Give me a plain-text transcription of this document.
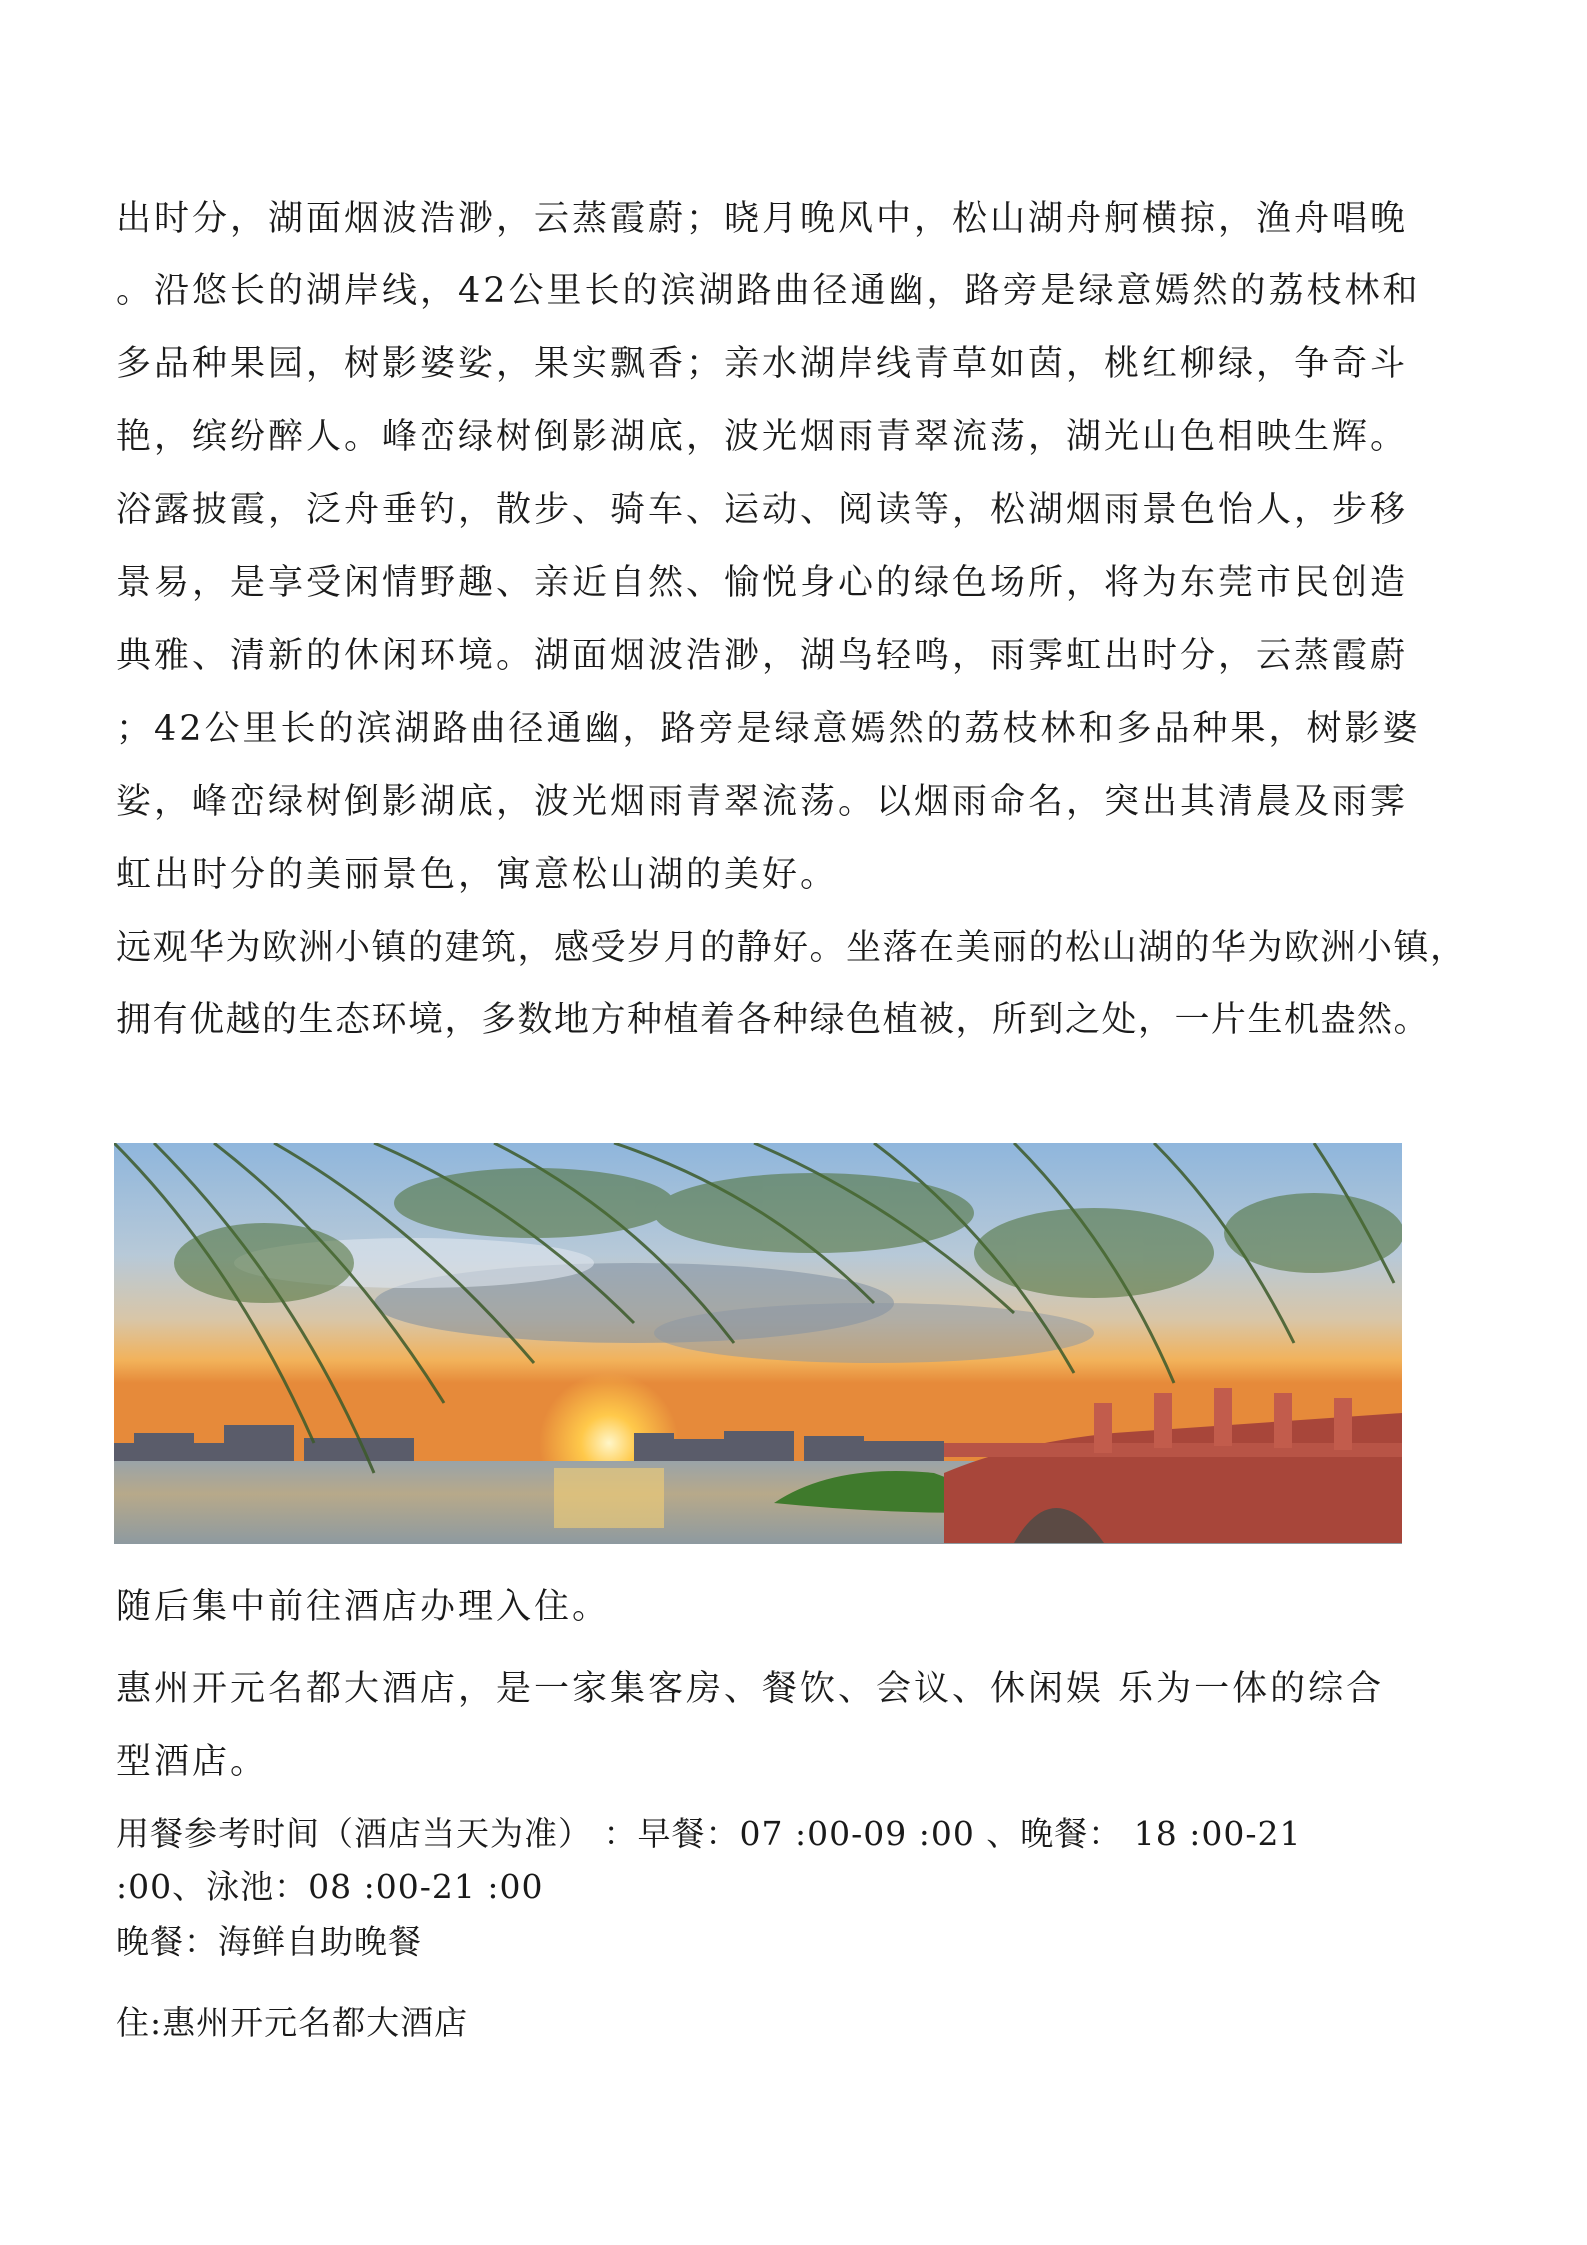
出时分，湖面烟波浩渺，云蒸霞蔚；晓月晚风中，松山湖舟舸横掠，渔舟唱晚
。沿悠长的湖岸线，42公里长的滨湖路曲径通幽，路旁是绿意嫣然的荔枝林和
多品种果园，树影婆娑，果实飘香；亲水湖岸线青草如茵，桃红柳绿，争奇斗
艳，缤纷醉人。峰峦绿树倒影湖底，波光烟雨青翠流荡，湖光山色相映生辉。
浴露披霞，泛舟垂钓，散步、骑车、运动、阅读等，松湖烟雨景色怡人，步移
景易，是享受闲情野趣、亲近自然、愉悦身心的绿色场所，将为东莞市民创造
典雅、清新的休闲环境。湖面烟波浩渺，湖鸟轻鸣，雨霁虹出时分，云蒸霞蔚
；42公里长的滨湖路曲径通幽，路旁是绿意嫣然的荔枝林和多品种果，树影婆
娑，峰峦绿树倒影湖底，波光烟雨青翠流荡。以烟雨命名，突出其清晨及雨霁
虹出时分的美丽景色，寓意松山湖的美好。
远观华为欧洲小镇的建筑，感受岁月的静好。坐落在美丽的松山湖的华为欧洲小镇，
拥有优越的生态环境，多数地方种植着各种绿色植被，所到之处，一片生机盎然。
随后集中前往酒店办理入住。
惠州开元名都大酒店，是一家集客房、餐饮、会议、休闲娱 乐为一体的综合
型酒店。
用餐参考时间（酒店当天为准） ：早餐：07 :00-09 :00 、晚餐： 18 :00-21
:00、泳池：08 :00-21 :00
晚餐：海鲜自助晚餐
住:惠州开元名都大酒店
